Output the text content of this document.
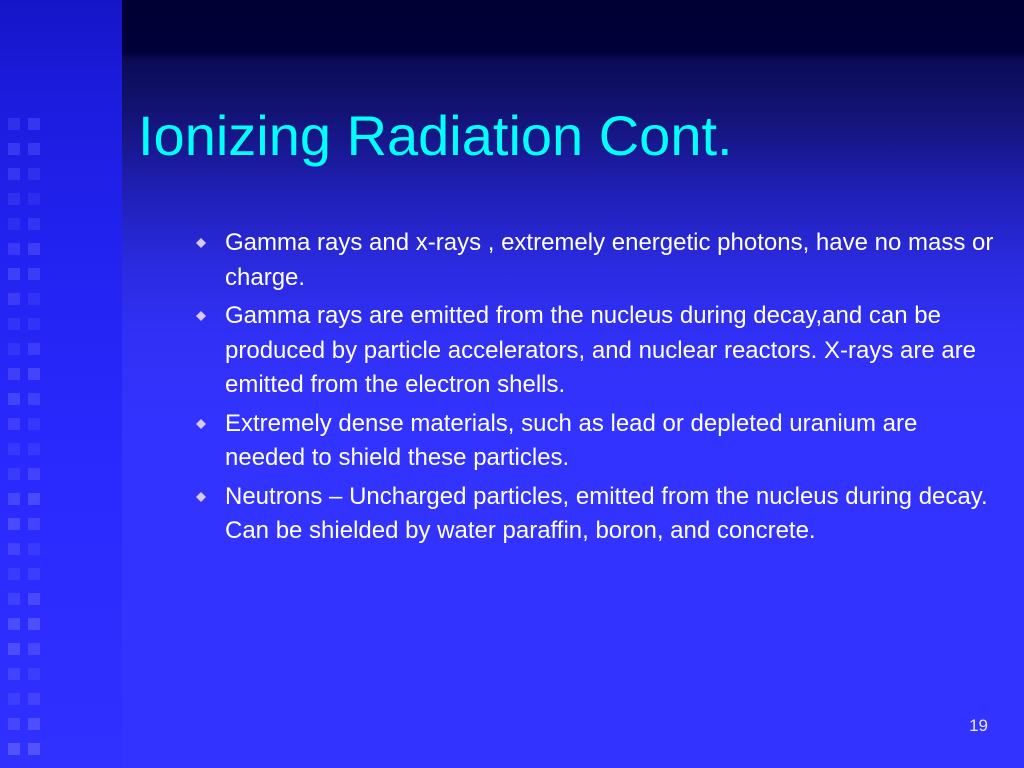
Ionizing Radiation Cont.
Gamma rays and x-rays , extremely energetic photons, have no mass or charge.
Gamma rays are emitted from the nucleus during decay,and can be produced by particle accelerators, and nuclear reactors. X-rays are are emitted from the electron shells.
Extremely dense materials, such as lead or depleted uranium are needed to shield these particles.
Neutrons – Uncharged particles, emitted from the nucleus during decay. Can be shielded by water paraffin, boron, and concrete.
19
